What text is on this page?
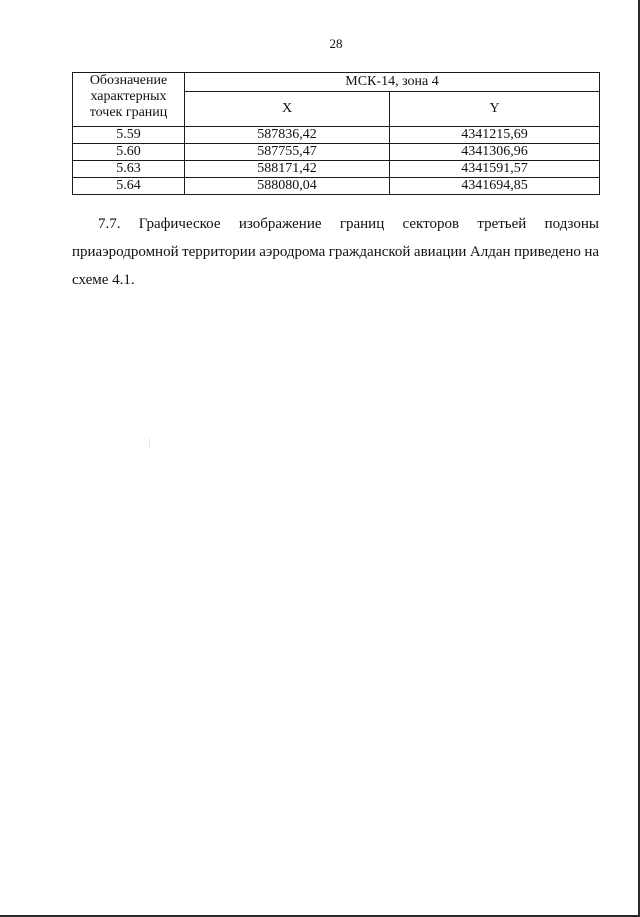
28
Обозначение
характерных
точек границ	МСК-14, зона 4	
	X	Y
5.59	587836,42	4341215,69
5.60	587755,47	4341306,96
5.63	588171,42	4341591,57
5.64	588080,04	4341694,85
7.7. Графическое изображение границ секторов третьей подзоны
приаэродромной территории аэродрома гражданской авиации Алдан приведено на
схеме 4.1.
